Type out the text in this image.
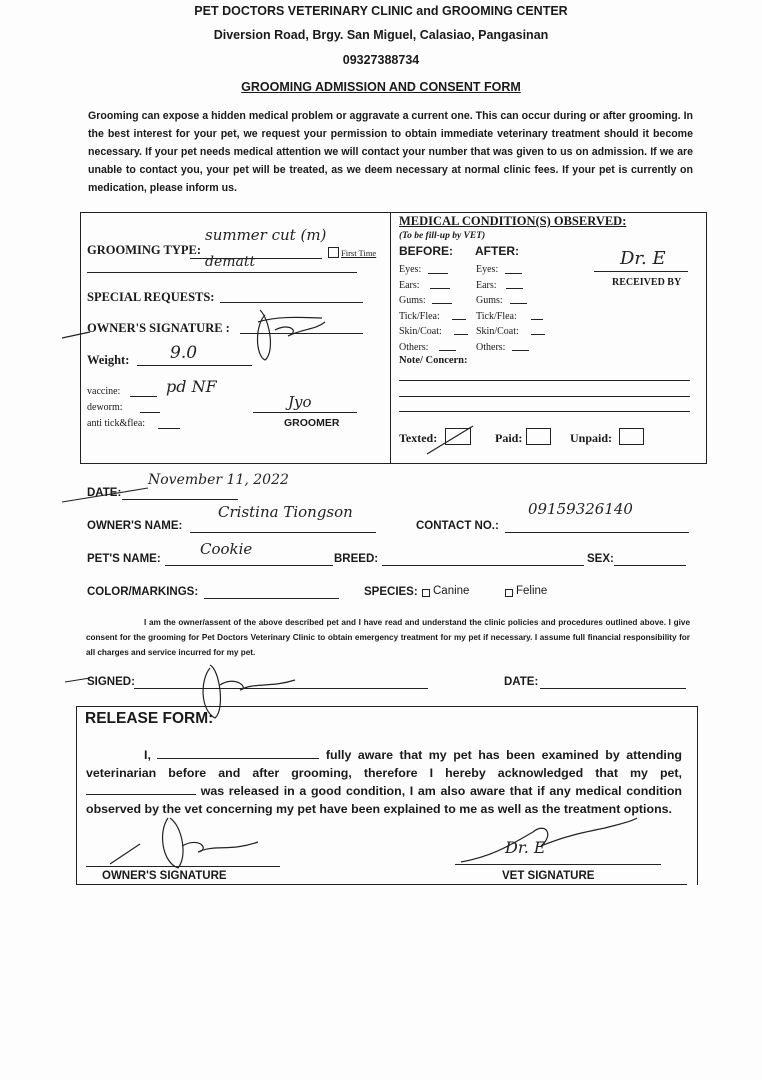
PET DOCTORS VETERINARY CLINIC and GROOMING CENTER
Diversion Road, Brgy. San Miguel, Calasiao, Pangasinan
09327388734
GROOMING ADMISSION AND CONSENT FORM
Grooming can expose a hidden medical problem or aggravate a current one. This can occur during or after grooming. In the best interest for your pet, we request your permission to obtain immediate veterinary treatment should it become necessary. If your pet needs medical attention we will contact your number that was given to us on admission. If we are unable to contact you, your pet will be treated, as we deem necessary at normal clinic fees. If your pet is currently on medication, please inform us.
GROOMING TYPE:
summer cut (m)
dematt
First Time
SPECIAL REQUESTS:
OWNER'S SIGNATURE :
Weight: 9.0
vaccine:	pd NF
deworm:
anti tick&flea:
Jyo
GROOMER
MEDICAL CONDITION(S) OBSERVED:
(To be fill-up by VET)
BEFORE: AFTER:
Eyes:
Ears:
Gums:
Tick/Flea:
Skin/Coat:
Others:
Eyes:
Ears:
Gums:
Tick/Flea:
Skin/Coat:
Others:
Dr. E
RECEIVED BY
Note/ Concern:
Texted:	Paid:	Unpaid:
DATE:
November 11, 2022
OWNER'S NAME:
Cristina Tiongson
CONTACT NO.:
09159326140
PET'S NAME:
Cookie
BREED:	SEX:
COLOR/MARKINGS:	SPECIES: Canine	Feline
I am the owner/assent of the above described pet and I have read and understand the clinic policies and procedures outlined above. I give consent for the grooming for Pet Doctors Veterinary Clinic to obtain emergency treatment for my pet if necessary. I assume full financial responsibility for all charges and service incurred for my pet.
SIGNED:	DATE:
RELEASE FORM:
I,	fully aware that my pet has been examined by attending veterinarian before and after grooming, therefore I hereby acknowledged that my pet,  was released in a good condition, I am also aware that if any medical condition observed by the vet concerning my pet have been explained to me as well as the treatment options.
OWNER'S SIGNATURE
Dr. E
VET SIGNATURE
